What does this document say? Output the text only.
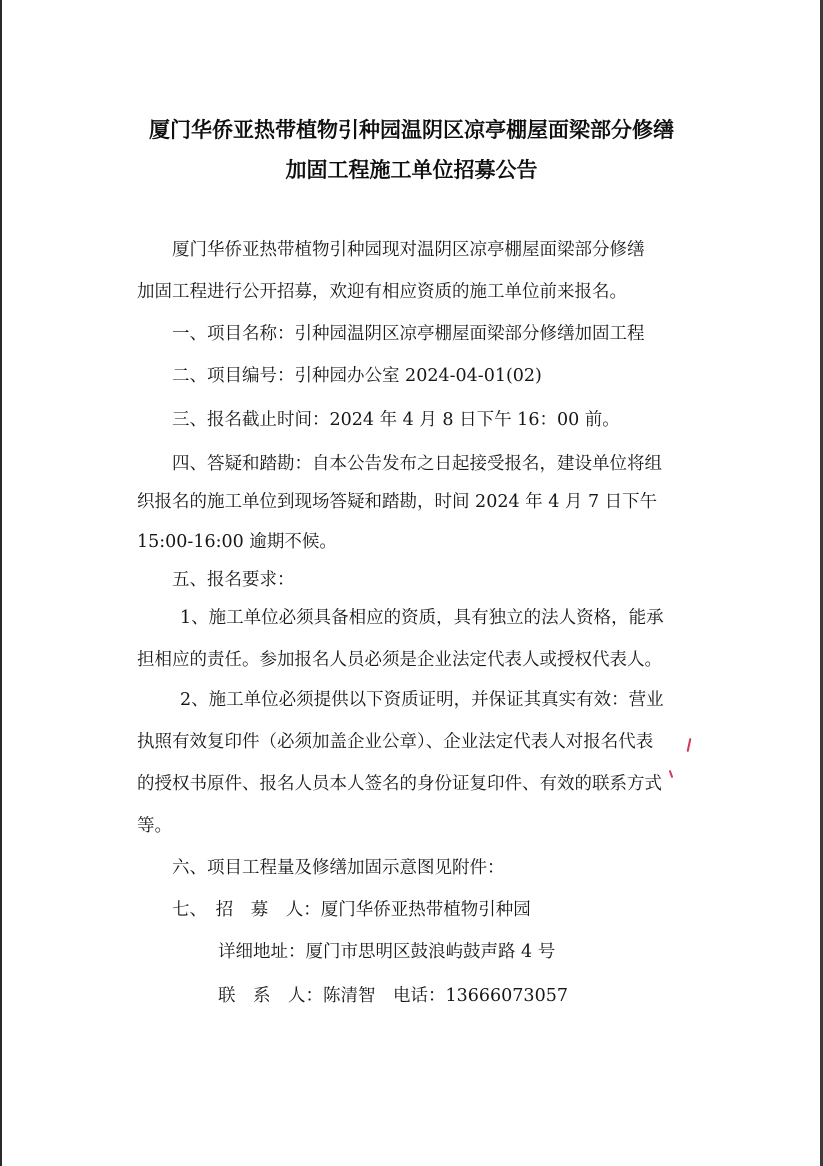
厦门华侨亚热带植物引种园温阴区凉亭棚屋面梁部分修缮
加固工程施工单位招募公告
厦门华侨亚热带植物引种园现对温阴区凉亭棚屋面梁部分修缮
加固工程进行公开招募，欢迎有相应资质的施工单位前来报名。
一、项目名称：引种园温阴区凉亭棚屋面梁部分修缮加固工程
二、项目编号：引种园办公室 2024-04-01(02)
三、报名截止时间：2024 年 4 月 8 日下午 16：00 前。
四、答疑和踏勘：自本公告发布之日起接受报名，建设单位将组
织报名的施工单位到现场答疑和踏勘，时间 2024 年 4 月 7 日下午
15:00-16:00 逾期不候。
五、报名要求：
1、施工单位必须具备相应的资质，具有独立的法人资格，能承
担相应的责任。参加报名人员必须是企业法定代表人或授权代表人。
2、施工单位必须提供以下资质证明，并保证其真实有效：营业
执照有效复印件（必须加盖企业公章）、企业法定代表人对报名代表
的授权书原件、报名人员本人签名的身份证复印件、有效的联系方式
等。
六、项目工程量及修缮加固示意图见附件：
七、　招　募　人：厦门华侨亚热带植物引种园
详细地址：厦门市思明区鼓浪屿鼓声路 4 号
联　系　人：陈清智　电话：13666073057
